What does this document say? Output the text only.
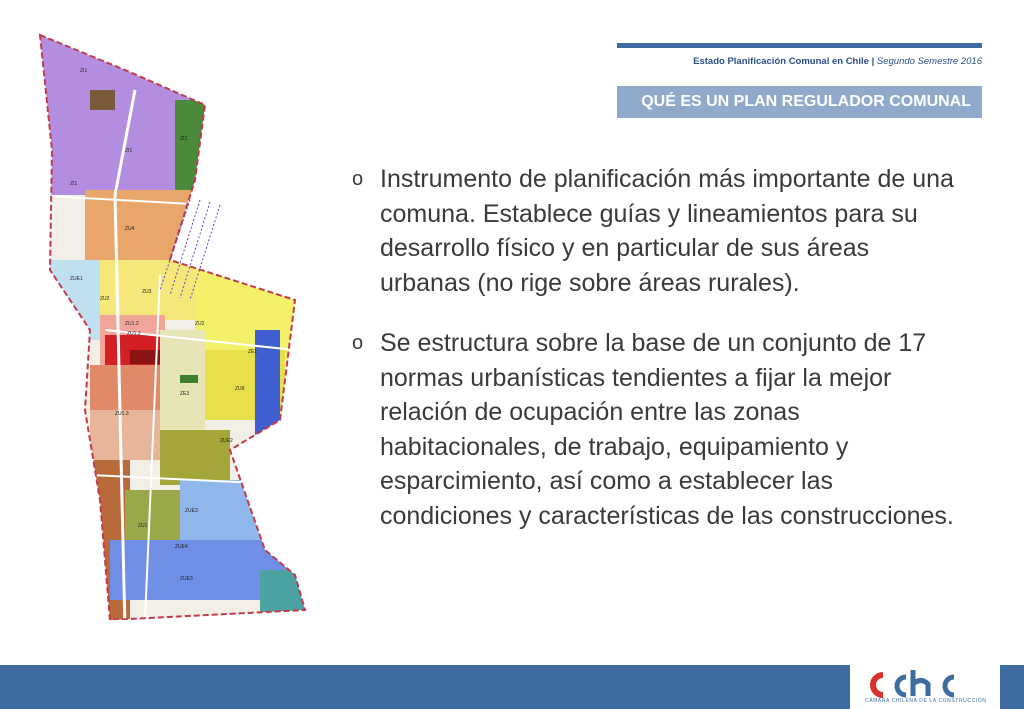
Estado Planificación Comunal en Chile | Segundo Semestre 2016
QUÉ ES UN PLAN REGULADOR COMUNAL
ZI1
ZI1
ZI1
ZU4
ZUE1
ZU2
ZU3
ZU1.2
ZU1.2
ZU1.3
ZU2
ZU9
ZUE2
ZUE3
ZU1
ZUE4
ZUE3
ZE1
ZE3
ZI1
o Instrumento de planificación más importante de una comuna. Establece guías y lineamientos para su desarrollo físico y en particular de sus áreas urbanas (no rige sobre áreas rurales).
o Se estructura sobre la base de un conjunto de 17 normas urbanísticas tendientes a fijar la mejor relación de ocupación entre las zonas habitacionales, de trabajo, equipamiento y esparcimiento, así como a establecer las condiciones y características de las construcciones.
CÁMARA CHILENA DE LA CONSTRUCCIÓN
